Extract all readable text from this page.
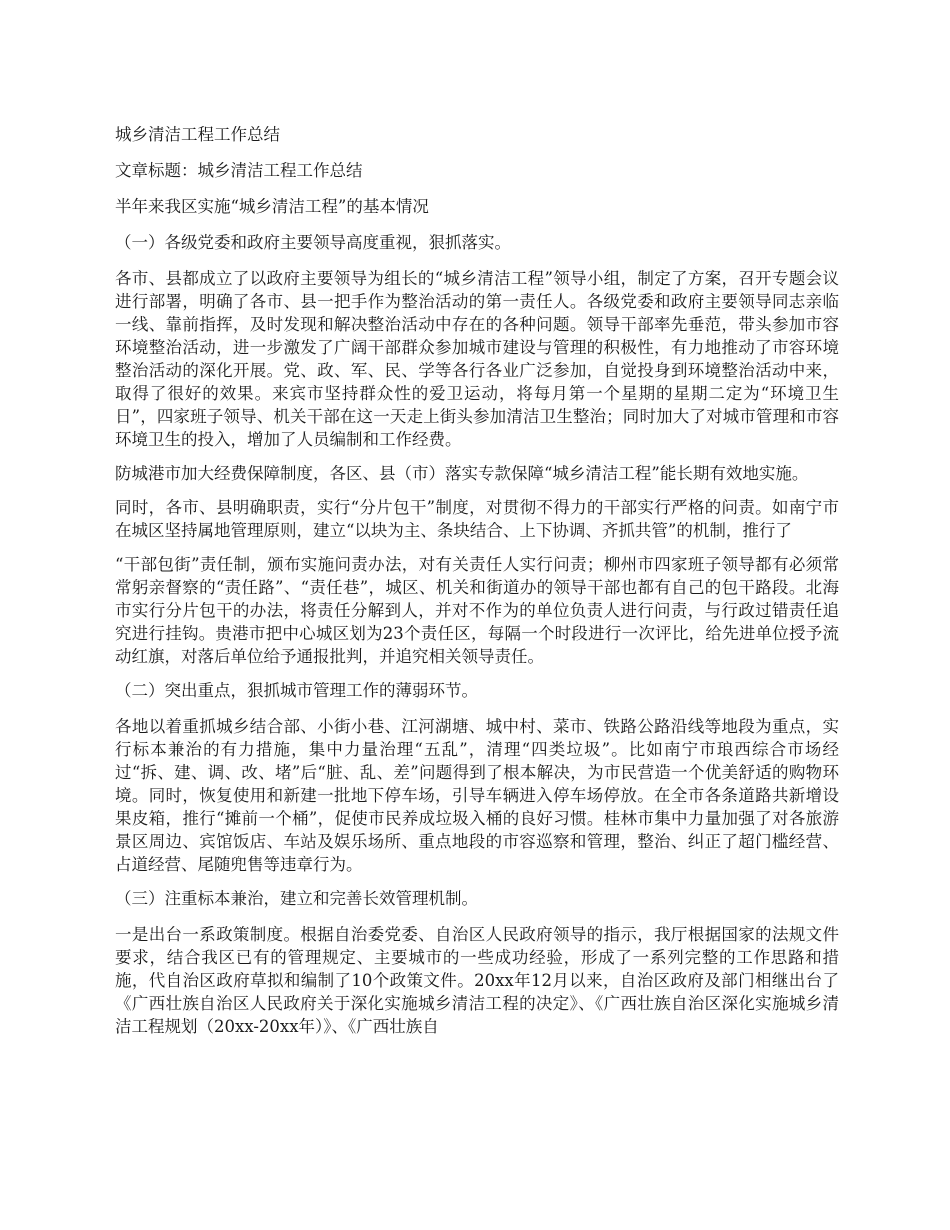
城乡清洁工程工作总结

文章标题：城乡清洁工程工作总结

半年来我区实施“城乡清洁工程”的基本情况

（一）各级党委和政府主要领导高度重视，狠抓落实。

各市、县都成立了以政府主要领导为组长的“城乡清洁工程”领导小组，制定了方案，召开专题会议进行部署，明确了各市、县一把手作为整治活动的第一责任人。各级党委和政府主要领导同志亲临一线、靠前指挥，及时发现和解决整治活动中存在的各种问题。领导干部率先垂范，带头参加市容环境整治活动，进一步激发了广阔干部群众参加城市建设与管理的积极性，有力地推动了市容环境整治活动的深化开展。党、政、军、民、学等各行各业广泛参加，自觉投身到环境整治活动中来，取得了很好的效果。来宾市坚持群众性的爱卫运动，将每月第一个星期的星期二定为“环境卫生日”，四家班子领导、机关干部在这一天走上街头参加清洁卫生整治；同时加大了对城市管理和市容环境卫生的投入，增加了人员编制和工作经费。

防城港市加大经费保障制度，各区、县（市）落实专款保障“城乡清洁工程”能长期有效地实施。

同时，各市、县明确职责，实行“分片包干”制度，对贯彻不得力的干部实行严格的问责。如南宁市在城区坚持属地管理原则，建立“以块为主、条块结合、上下协调、齐抓共管”的机制，推行了

“干部包街”责任制，颁布实施问责办法，对有关责任人实行问责；柳州市四家班子领导都有必须常常躬亲督察的“责任路”、“责任巷”，城区、机关和街道办的领导干部也都有自己的包干路段。北海市实行分片包干的办法，将责任分解到人，并对不作为的单位负责人进行问责，与行政过错责任追究进行挂钩。贵港市把中心城区划为23个责任区，每隔一个时段进行一次评比，给先进单位授予流动红旗，对落后单位给予通报批判，并追究相关领导责任。

（二）突出重点，狠抓城市管理工作的薄弱环节。

各地以着重抓城乡结合部、小街小巷、江河湖塘、城中村、菜市、铁路公路沿线等地段为重点，实行标本兼治的有力措施，集中力量治理“五乱”，清理“四类垃圾”。比如南宁市琅西综合市场经过“拆、建、调、改、堵”后“脏、乱、差”问题得到了根本解决，为市民营造一个优美舒适的购物环境。同时，恢复使用和新建一批地下停车场，引导车辆进入停车场停放。在全市各条道路共新增设果皮箱，推行“摊前一个桶”，促使市民养成垃圾入桶的良好习惯。桂林市集中力量加强了对各旅游景区周边、宾馆饭店、车站及娱乐场所、重点地段的市容巡察和管理，整治、纠正了超门槛经营、占道经营、尾随兜售等违章行为。

（三）注重标本兼治，建立和完善长效管理机制。

一是出台一系政策制度。根据自治委党委、自治区人民政府领导的指示，我厅根据国家的法规文件要求，结合我区已有的管理规定、主要城市的一些成功经验，形成了一系列完整的工作思路和措施，代自治区政府草拟和编制了10个政策文件。20xx年12月以来，自治区政府及部门相继出台了《广西壮族自治区人民政府关于深化实施城乡清洁工程的决定》、《广西壮族自治区深化实施城乡清洁工程规划（20xx-20xx年）》、《广西壮族自
